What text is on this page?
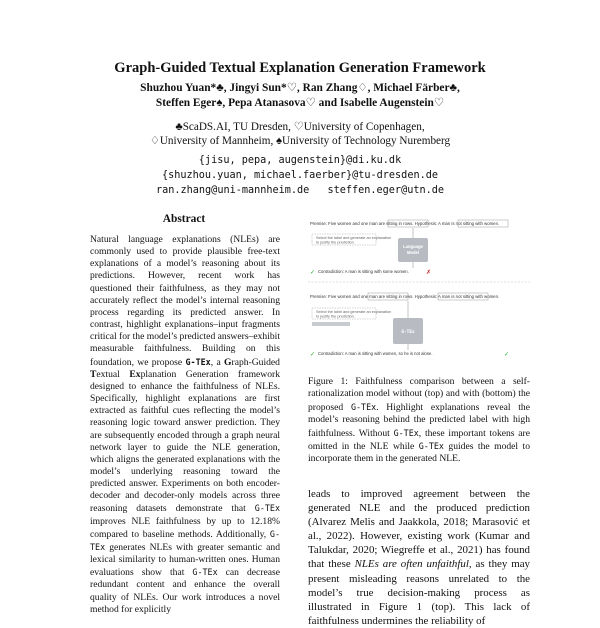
Graph-Guided Textual Explanation Generation Framework
Shuzhou Yuan*♣, Jingyi Sun*♡, Ran Zhang♢, Michael Färber♣,
Steffen Eger♠, Pepa Atanasova♡ and Isabelle Augenstein♡
♣ScaDS.AI, TU Dresden, ♡University of Copenhagen,
♢University of Mannheim, ♠University of Technology Nuremberg
{jisu, pepa, augenstein}@di.ku.dk
{shuzhou.yuan, michael.faerber}@tu-dresden.de
ran.zhang@uni-mannheim.de steffen.eger@utn.de
Abstract
Natural language explanations (NLEs) are commonly used to provide plausible free-text explanations of a model’s reasoning about its predictions. However, recent work has questioned their faithfulness, as they may not accurately reflect the model’s internal reasoning process regarding its predicted answer. In contrast, highlight explanations–input fragments critical for the model’s predicted answers–exhibit measurable faithfulness. Building on this foundation, we propose G-TEx, a Graph-Guided Textual Explanation Generation framework designed to enhance the faithfulness of NLEs. Specifically, highlight explanations are first extracted as faithful cues reflecting the model’s reasoning logic toward answer prediction. They are subsequently encoded through a graph neural network layer to guide the NLE generation, which aligns the generated explanations with the model’s underlying reasoning toward the predicted answer. Experiments on both encoder-decoder and decoder-only models across three reasoning datasets demonstrate that G-TEx improves NLE faithfulness by up to 12.18% compared to baseline methods. Additionally, G-TEx generates NLEs with greater semantic and lexical similarity to human-written ones. Human evaluations show that G-TEx can decrease redundant content and enhance the overall quality of NLEs. Our work introduces a novel method for explicitly
Premise: Five women and one man are sitting in rows. Hypothesis: A man is not sitting with women.
Select the label and generate an explanation
to justify the prediction.
Language
Model
✓ Contradiction: A man is sitting with some women.	✗
Premise: Five women and one man are sitting in rows. Hypothesis: A man is not sitting with women.
Select the label and generate an explanation
to justify the prediction.
G-TEx
✓ Contradiction: A man is sitting with women, so he is not alone.	✓
Figure 1: Faithfulness comparison between a self-rationalization model without (top) and with (bottom) the proposed G-TEx. Highlight explanations reveal the model’s reasoning behind the predicted label with high faithfulness. Without G-TEx, these important tokens are omitted in the NLE while G-TEx guides the model to incorporate them in the generated NLE.
leads to improved agreement between the generated NLE and the produced prediction (Alvarez Melis and Jaakkola, 2018; Marasović et al., 2022). However, existing work (Kumar and Talukdar, 2020; Wiegreffe et al., 2021) has found that these NLEs are often unfaithful, as they may present misleading reasons unrelated to the model’s true decision-making process as illustrated in Figure 1 (top). This lack of faithfulness undermines the reliability of
